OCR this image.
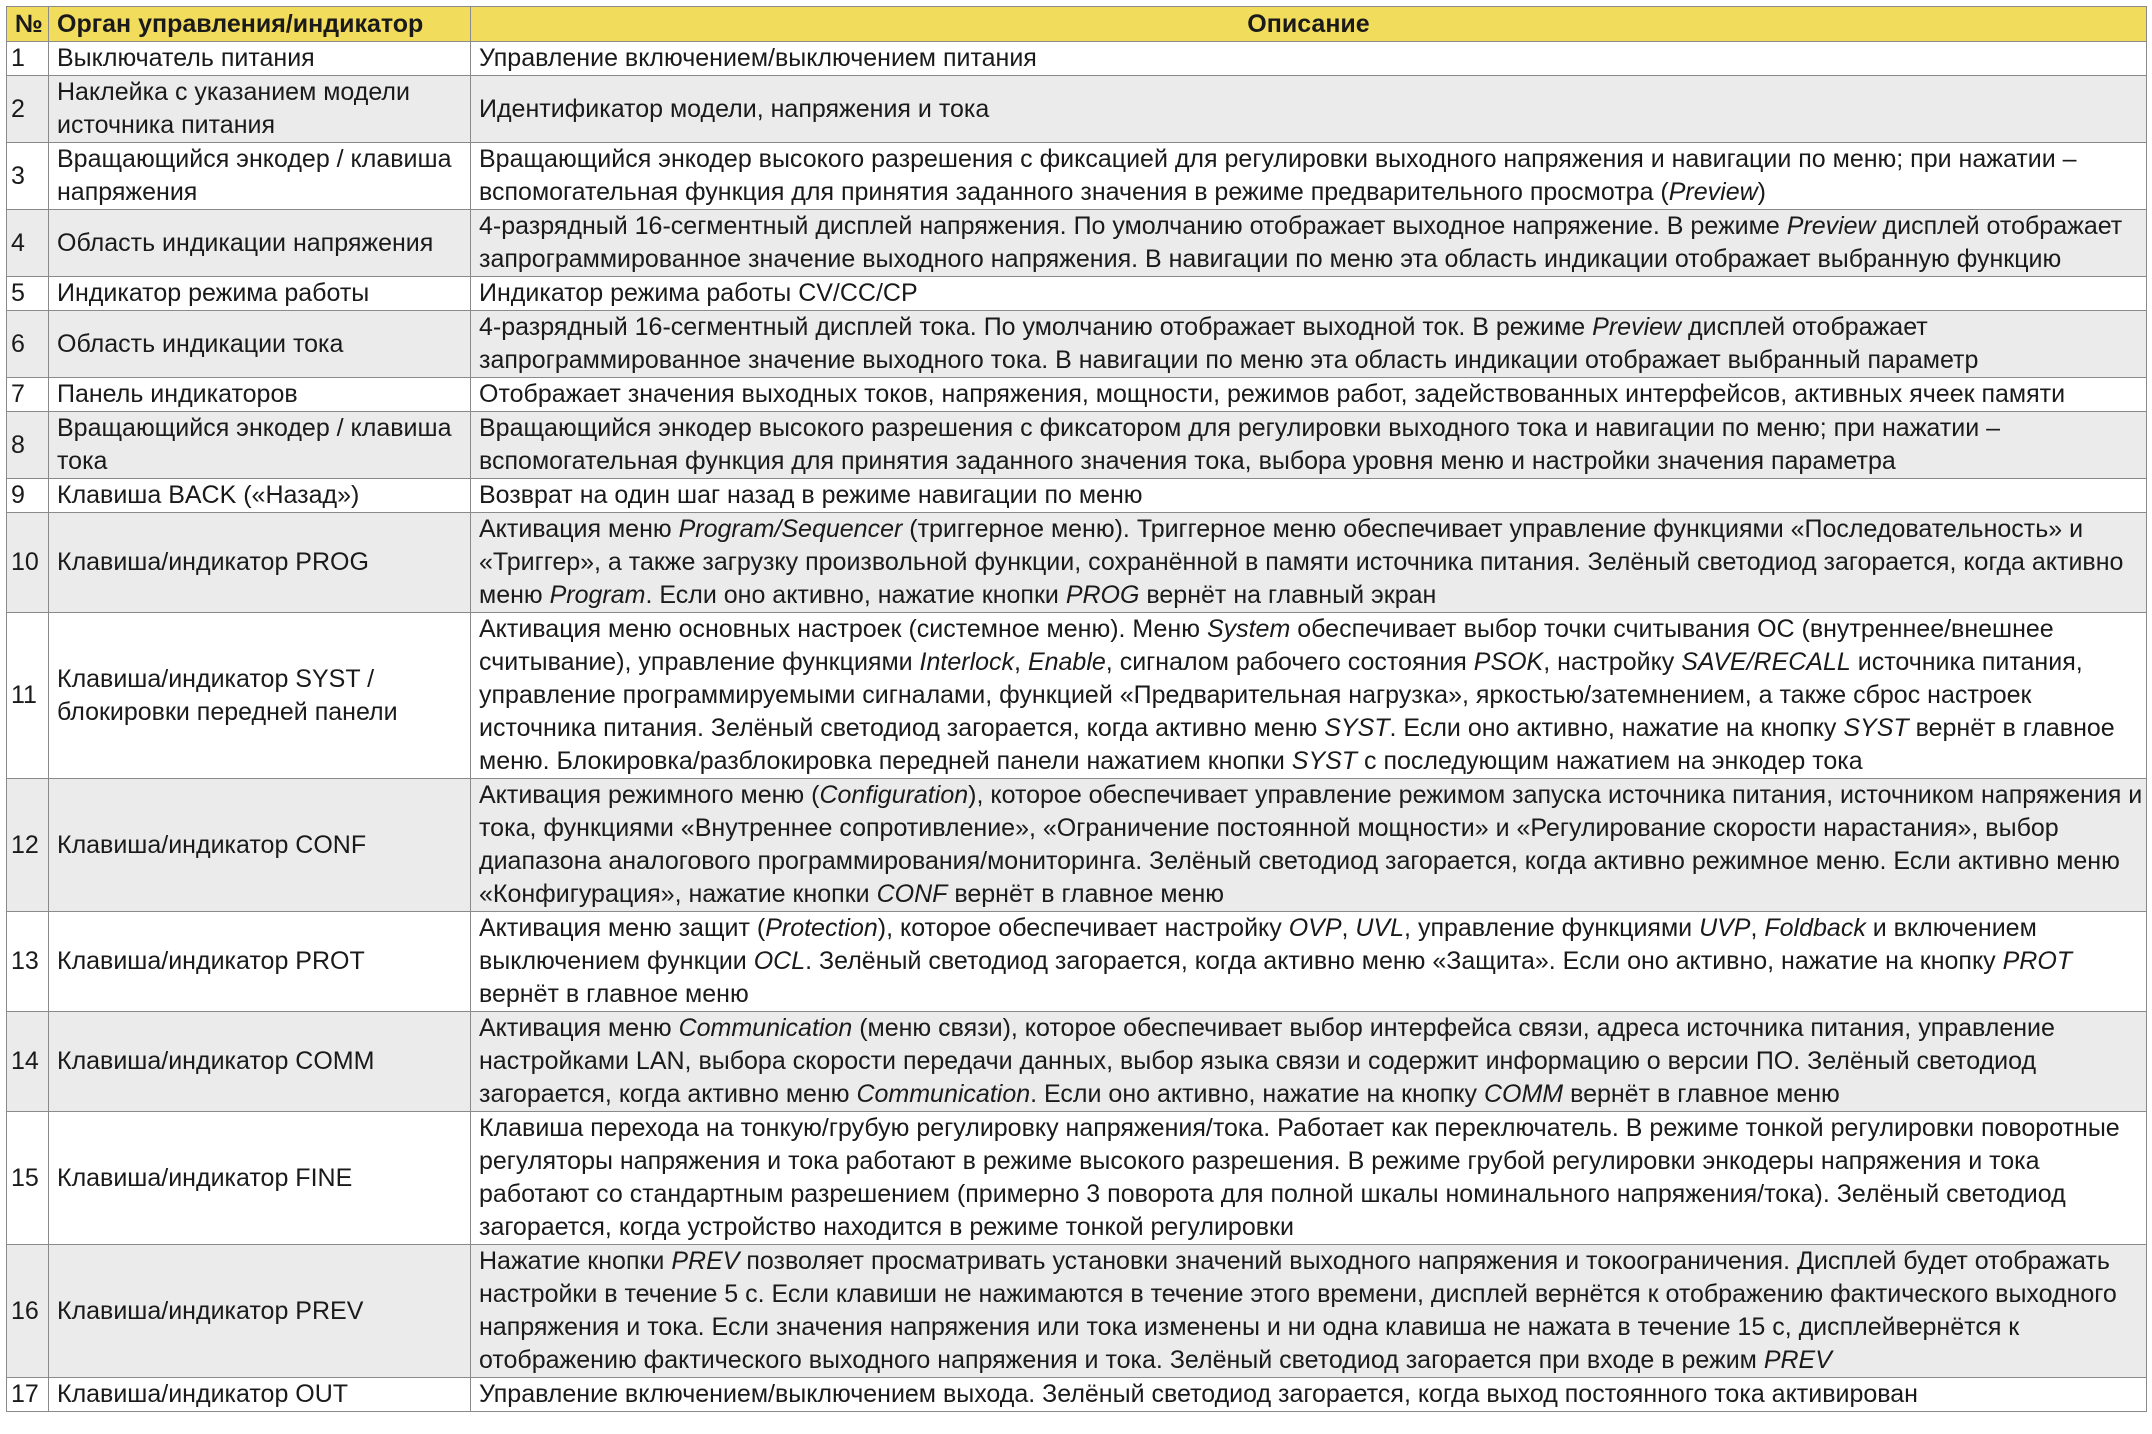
№	Орган управления/индикатор	Описание
1	Выключатель питания	Управление включением/выключением питания
2	Наклейка с указанием модели источника питания	Идентификатор модели, напряжения и тока
3	Вращающийся энкодер / клавиша напряжения	Вращающийся энкодер высокого разрешения с фиксацией для регулировки выходного напряжения и навигации по меню; при нажатии – вспомогательная функция для принятия заданного значения в режиме предварительного просмотра (Preview)
4	Область индикации напряжения	4-разрядный 16-сегментный дисплей напряжения. По умолчанию отображает выходное напряжение. В режиме Preview дисплей отображает запрограммированное значение выходного напряжения. В навигации по меню эта область индикации отображает выбранную функцию
5	Индикатор режима работы	Индикатор режима работы CV/CC/CP
6	Область индикации тока	4-разрядный 16-сегментный дисплей тока. По умолчанию отображает выходной ток. В режиме Preview дисплей отображает запрограммированное значение выходного тока. В навигации по меню эта область индикации отображает выбранный параметр
7	Панель индикаторов	Отображает значения выходных токов, напряжения, мощности, режимов работ, задействованных интерфейсов, активных ячеек памяти
8	Вращающийся энкодер / клавиша тока	Вращающийся энкодер высокого разрешения с фиксатором для регулировки выходного тока и навигации по меню; при нажатии – вспомогательная функция для принятия заданного значения тока, выбора уровня меню и настройки значения параметра
9	Клавиша BACK («Назад»)	Возврат на один шаг назад в режиме навигации по меню
10	Клавиша/индикатор PROG	Активация меню Program/Sequencer (триггерное меню). Триггерное меню обеспечивает управление функциями «Последовательность» и «Триггер», а также загрузку произвольной функции, сохранённой в памяти источника питания. Зелёный светодиод загорается, когда активно меню Program. Если оно активно, нажатие кнопки PROG вернёт на главный экран
11	Клавиша/индикатор SYST / блокировки передней панели	Активация меню основных настроек (системное меню). Меню System обеспечивает выбор точки считывания ОС (внутреннее/внешнее считывание), управление функциями Interlock, Enable, сигналом рабочего состояния PSOK, настройку SAVE/RECALL источника питания, управление программируемыми сигналами, функцией «Предварительная нагрузка», яркостью/затемнением, а также сброс настроек источника питания. Зелёный светодиод загорается, когда активно меню SYST. Если оно активно, нажатие на кнопку SYST вернёт в главное меню. Блокировка/разблокировка передней панели нажатием кнопки SYST с последующим нажатием на энкодер тока
12	Клавиша/индикатор CONF	Активация режимного меню (Configuration), которое обеспечивает управление режимом запуска источника питания, источником напряжения и тока, функциями «Внутреннее сопротивление», «Ограничение постоянной мощности» и «Регулирование скорости нарастания», выбор диапазона аналогового программирования/мониторинга. Зелёный светодиод загорается, когда активно режимное меню. Если активно меню «Конфигурация», нажатие кнопки CONF вернёт в главное меню
13	Клавиша/индикатор PROT	Активация меню защит (Protection), которое обеспечивает настройку OVP, UVL, управление функциями UVP, Foldback и включением выключением функции OCL. Зелёный светодиод загорается, когда активно меню «Защита». Если оно активно, нажатие на кнопку PROT вернёт в главное меню
14	Клавиша/индикатор COMM	Активация меню Communication (меню связи), которое обеспечивает выбор интерфейса связи, адреса источника питания, управление настройками LAN, выбора скорости передачи данных, выбор языка связи и содержит информацию о версии ПО. Зелёный светодиод загорается, когда активно меню Communication. Если оно активно, нажатие на кнопку COMM вернёт в главное меню
15	Клавиша/индикатор FINE	Клавиша перехода на тонкую/грубую регулировку напряжения/тока. Работает как переключатель. В режиме тонкой регулировки поворотные регуляторы напряжения и тока работают в режиме высокого разрешения. В режиме грубой регулировки энкодеры напряжения и тока работают со стандартным разрешением (примерно 3 поворота для полной шкалы номинального напряжения/тока). Зелёный светодиод загорается, когда устройство находится в режиме тонкой регулировки
16	Клавиша/индикатор PREV	Нажатие кнопки PREV позволяет просматривать установки значений выходного напряжения и токоограничения. Дисплей будет отображать настройки в течение 5 с. Если клавиши не нажимаются в течение этого времени, дисплей вернётся к отображению фактического выходного напряжения и тока. Если значения напряжения или тока изменены и ни одна клавиша не нажата в течение 15 с, дисплейвернётся к отображению фактического выходного напряжения и тока. Зелёный светодиод загорается при входе в режим PREV
17	Клавиша/индикатор OUT	Управление включением/выключением выхода. Зелёный светодиод загорается, когда выход постоянного тока активирован
